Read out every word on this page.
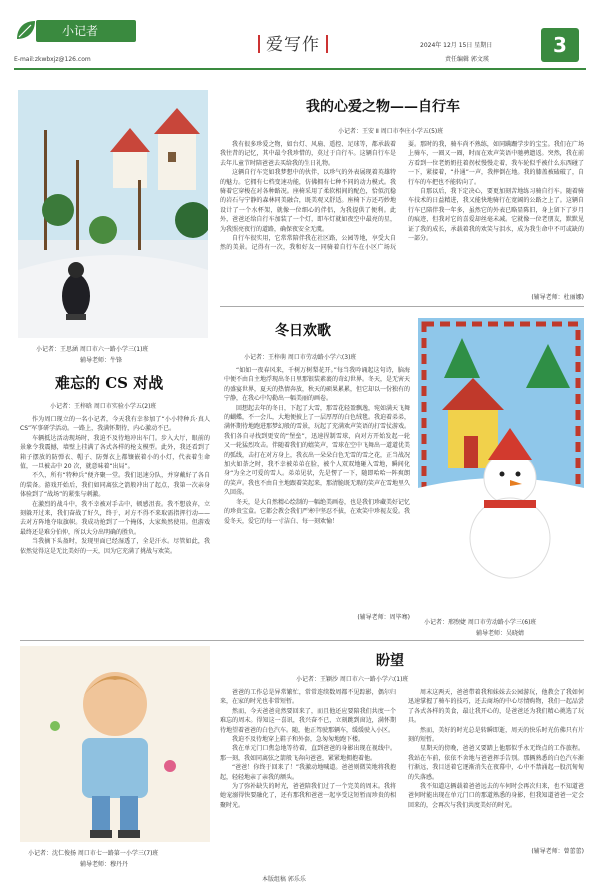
小记者
E-mail:zkwbxjz@126.com
爱写作	2024年 12月 15日 星期日
责任编辑 郭文瑛
3
小记者：王思涵 周口市六一路小学三(1)班
辅导老师：牛锋
难忘的 CS 对战
小记者：王梓晗 周口市实验小学五(2)班

作为周口现立的一名小记者，今天我有幸参加了“小小特种兵·真人 CS”军事研学活动。一路上，我满怀期待，内心激动不已。

车辆抵达活动现场时，我迫不及待地冲出车门。步入大厅，眼前的景象令我震撼，墙壁上挂满了各式各样的枪支模型。此外，我还看到了箱子摆放的防弹衣、帽子、防弹衣上都镶嵌着小的小灯，代表着生命值，一旦被击中 20 次，就意味着“出局”。

不久，所有“特种兵”便齐聚一堂。我们迅速分队，并穿戴好了各自的装备。游戏开始后，我们如同离弦之箭般冲出了起点，我第一次亲身体验到了“战场”的紧张与刺激。

在激烈的战斗中，我不幸被对手击中，顿感沮丧。我不想放弃，立刻躲开过来，我们奋战了好久，终于，对方不得不来取需指挥行动——去对方阵地夺取旗帜。我成功抢到了一个掩体，大家焕然使用。但游戏最终还是难分伯仲，所以大分出明确的胜负。

当我摘下头盔时，发现里面已经湿透了，全是汗水。尽管如此，我依然觉得这是无比美好的一天，因为它充满了挑战与欢笑。

我的心爱之物——自行车
小记者：王安 Ⅱ 周口市李庄小学五(5)班

我有很多珍爱之物，如台灯、风扇、遥控、足球等，都承载着我往昔的记忆，其中最令我珍惜的，莫过于自行车。这辆自行车是去年儿童节时陪爸爸去买给我的生日礼物。

这辆自行车完如我梦想中的伙伴，以珍气的外表展现着英雄特的魅力。它拥有七档变速功能，仿佛拥有七种不同的动力模式。我骑着它穿梭在对各种路况。座椅采用了柔软相间的配色，恰似沉稳的岩石与宁静的森林同美融合，既美观又舒适。座椅下方还巧妙地设计了一个水杯架，就像一位细心的伴侣，为我提供了便利。此外，爸爸还给自行车加装了一个灯，即车灯就如夜空中最亮的星，为我照亮夜行的道路，确保夜安全无虞。

自行车很实用，它常常陪伴我在社区路，公园等地，享受大自然的美景。记得有一次，我和好友一同骑着自行车在小区广场玩耍。那时的我，骑车尚不熟练，如同蹒跚学步的宝宝。我们在广场上骑车，一圈又一圈，时而在欢声笑语中驰骋遗返。突然，我在前方看到一位老奶奶拄着拐杖慢慢走着，我车轮似乎被什么东西碰了一下，紧接着，“扑通”一声，我摔倒在地。我的膝盖被磕破了，自行车的车把也不能转向了。

自那以后，我下定决心，要更加刻苦地练习骑自行车。随着骑车技术的日益精进，我又能快地骑行在宽阔的公路之上了。这辆自行车已陪伴我一年多，虽然它的外表已略显陈旧，身上留下了岁月的痕迹，但我对它的喜爱却丝毫未减。它就像一位老朋友，默默见证了我的成长，承载着我的欢笑与泪水，成为我生命中不可或缺的一部分。

(辅导老师：杜丽娜)
冬日欢歌
小记者：王梓萌 周口市劳动路小学六(3)班

“如如一夜春风来，千树万树梨花开。”每当我吟诵起这句诗，脑海中便不由自主地浮现出冬日里那银装素裹的奇幻世界。冬天，是无害天的盛宴世界，夏天的热情奔放，秋天的硕果累累，但它却以一份独有的宁静，在我心中勾勒出一幅美丽的画卷。

回想起去年的冬日，下起了大雪，那雪花轻盈飘逸，宛如满天飞舞的蝴蝶，不一会儿，大地便披上了一层厚厚的白色绒毯。我迫着弟弟，满怀期待地跑进那梦幻般的雪景，玩起了充满欢声笑语的打雪仗游戏。我们各自寻找到更安的“堡垒”，迅速捏制雪球，向对方开始发起一轮又一轮猛烈攻击。伴随着我们的嬉笑声，雪球在空中飞舞出一道道优美的弧线，击打在对方身上，我衣出一朵朵白色无雪的雪之花，正当战况加火如荼之时，我不幸被弟弟在脸，被个人双双地砸入雪地，瞬间化身“为全之可爱的雪人。弟弟见状，先是愣了一下，随即哈哈一阵爽朗的笑声。我也不由自主地跟着笑起来，那清脆既无瑕的笑声在雪地里久久回荡。

冬天，是大自然精心绘制的一幅绝美画卷，也是我们珍藏美好记忆的珍贵宝盒。它都会教会我们严寒中坚忍不拔，在欢笑中珍视友爱。我爱冬天，爱它的每一寸洁白、每一刻欢愉！

(辅导老师：周毕骞)
小记者：邢煦婕 周口市劳动路小学三(6)班
辅导老师：吴晓婧
小记者：沈仁俊扬 周口市七一路第一小学三(7)班
辅导老师：穆丹丹
盼望
小记者：王颖沙 周口市六一路小学六(1)班

爸爸的工作总是异常繁忙，常常连续数周都不见踪影，偶尔归来，在家的时光也非常短暂。

然而，今天爸爸竟然要回来了，而且他还应要陪我们共度一个难忘的周末。得知这一喜讯，我兴奋不已，立刻跳到窗边，满怀期待地望着爸爸的白色汽车。随，他正驾驶那辆车，缓缓驶入小区。

我迫不及待地穿上鞋子和外套，急匆匆地跑下楼。

我在单元门口焦急地等待着，直到爸爸的身影出现在视线中。那一刻，我如同离弦之箭般飞奔向爸爸，紧紧地拥抱着他。

“爸爸！你终于回来了！”我激动地喊道。爸爸则微笑地将我抱起，轻轻地亲了亲我的额头。

为了弥补缺失的时光，爸爸陪我们过了一个完美的周末。我将她宠溺得快要融化了，还有那我和爸爸一起享受这短暂而珍贵的相聚时光。

周末这两天，爸爸带着我和妹妹去公园游玩，他教会了我如何迅速掌握了骑车的技巧，还去商场的中心尽情购物，我们一起品尝了各式各样的美食，最让我开心的，是爸爸还为我们精心挑选了玩具。

然而，美好的时光总是转瞬即逝，周天的快乐时光仿佛只有片刻的短暂。

星期天的傍晚，爸爸又要踏上他那似乎永无终点的工作旅程。我站在车前，依依不舍地与爸爸挥手告别。那辆熟悉的白色汽车渐行渐远，我目送着它逐渐消失在夜幕中，心中不禁涌起一股沉甸甸的失落感。

我不知道这辆载着爸爸远去的车何时会再次归来，也不知道爸爸何时能出现在单元门口的那道熟悉的身影，但我知道爸爸一定会回来的，会再次与我们共度美好的时光。

(辅导老师：曾蕾蕾)
本版组稿 郭乐乐
